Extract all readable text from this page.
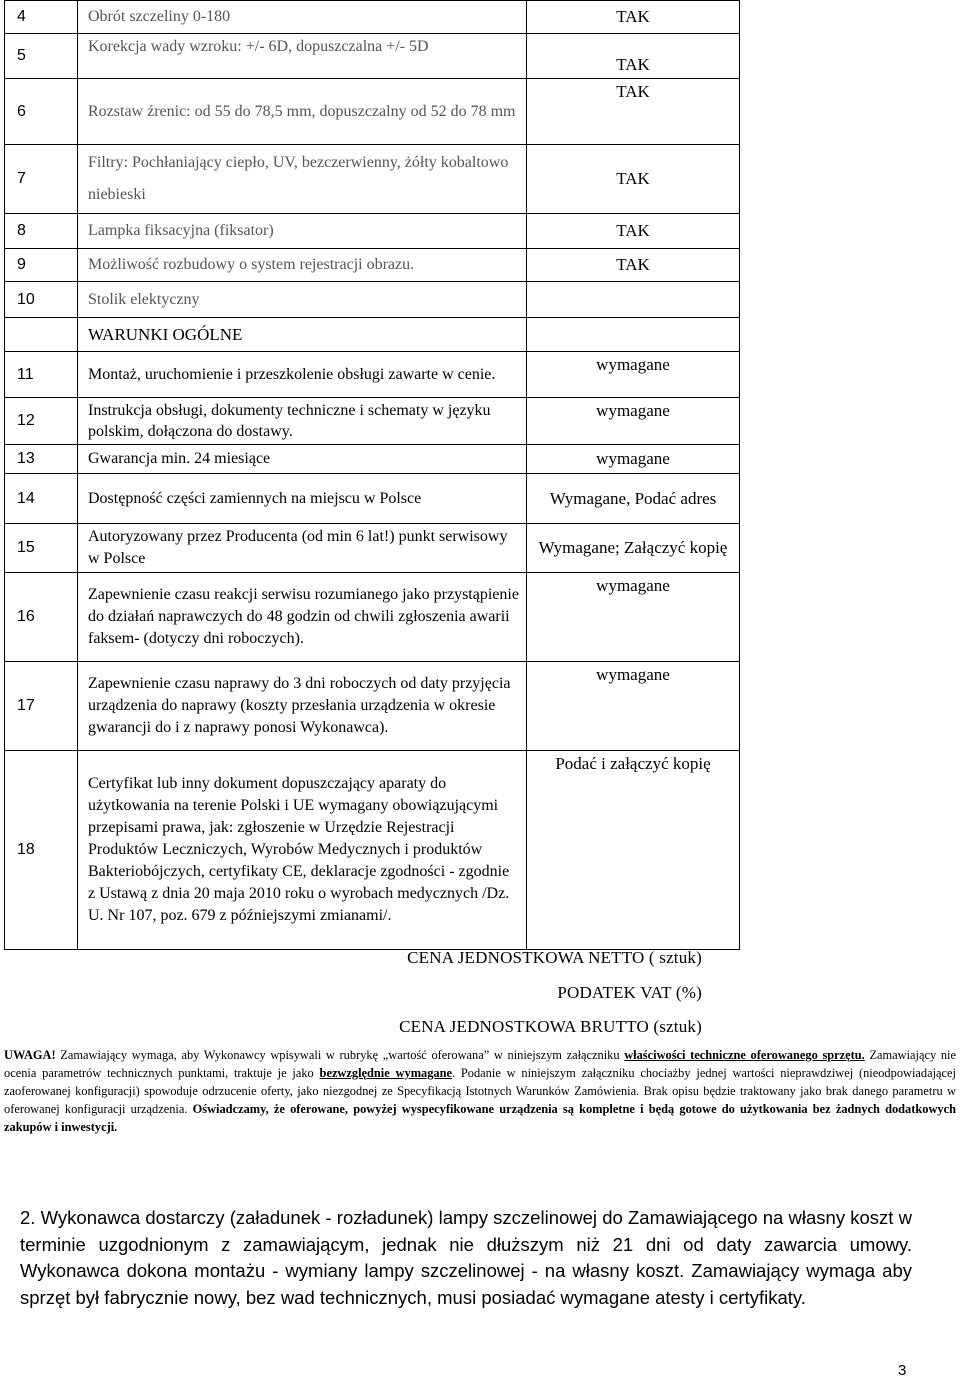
4	Obrót szczeliny 0-180	TAK
5	Korekcja wady wzroku: +/- 6D, dopuszczalna +/- 5D	TAK
6	Rozstaw źrenic: od 55 do 78,5 mm, dopuszczalny od 52 do 78 mm	TAK
7	Filtry: Pochłaniający ciepło, UV, bezczerwienny, żółty kobaltowo niebieski	TAK
8	Lampka fiksacyjna (fiksator)	TAK
9	Możliwość rozbudowy o system rejestracji obrazu.	TAK
10	Stolik elektyczny	
	WARUNKI OGÓLNE	
11	Montaż, uruchomienie i przeszkolenie obsługi zawarte w cenie.	wymagane
12	Instrukcja obsługi, dokumenty techniczne i schematy w języku polskim, dołączona do dostawy.	wymagane
13	Gwarancja min. 24 miesiące	wymagane
14	Dostępność części zamiennych na miejscu w Polsce	Wymagane, Podać adres
15	Autoryzowany przez Producenta (od min 6 lat!) punkt serwisowy w Polsce	Wymagane; Załączyć kopię
16	Zapewnienie czasu reakcji serwisu rozumianego jako przystąpienie do działań naprawczych do 48 godzin od chwili zgłoszenia awarii faksem- (dotyczy dni roboczych).	wymagane
17	Zapewnienie czasu naprawy do 3 dni roboczych od daty przyjęcia urządzenia do naprawy (koszty przesłania urządzenia w okresie gwarancji do i z naprawy ponosi Wykonawca).	wymagane
18	Certyfikat lub inny dokument dopuszczający aparaty do użytkowania na terenie Polski i UE wymagany obowiązującymi przepisami prawa, jak: zgłoszenie w Urzędzie Rejestracji Produktów Leczniczych, Wyrobów Medycznych i produktów Bakteriobójczych, certyfikaty CE, deklaracje zgodności - zgodnie z Ustawą z dnia 20 maja 2010 roku o wyrobach medycznych /Dz. U. Nr 107, poz. 679 z późniejszymi zmianami/.	Podać i załączyć kopię
CENA JEDNOSTKOWA NETTO ( sztuk)
PODATEK VAT (%)
CENA JEDNOSTKOWA BRUTTO (sztuk)
UWAGA! Zamawiający wymaga, aby Wykonawcy wpisywali w rubrykę „wartość oferowana” w niniejszym załączniku właściwości techniczne oferowanego sprzętu. Zamawiający nie ocenia parametrów technicznych punktami, traktuje je jako bezwzględnie wymagane. Podanie w niniejszym załączniku chociażby jednej wartości nieprawdziwej (nieodpowiadającej zaoferowanej konfiguracji) spowoduje odrzucenie oferty, jako niezgodnej ze Specyfikacją Istotnych Warunków Zamówienia. Brak opisu będzie traktowany jako brak danego parametru w oferowanej konfiguracji urządzenia. Oświadczamy, że oferowane, powyżej wyspecyfikowane urządzenia są kompletne i będą gotowe do użytkowania bez żadnych dodatkowych zakupów i inwestycji.
2. Wykonawca dostarczy (załadunek - rozładunek) lampy szczelinowej do Zamawiającego na własny koszt w terminie uzgodnionym z zamawiającym, jednak nie dłuższym niż 21 dni od daty zawarcia umowy. Wykonawca dokona montażu - wymiany lampy szczelinowej - na własny koszt. Zamawiający wymaga aby sprzęt był fabrycznie nowy, bez wad technicznych, musi posiadać wymagane atesty i certyfikaty.
3
